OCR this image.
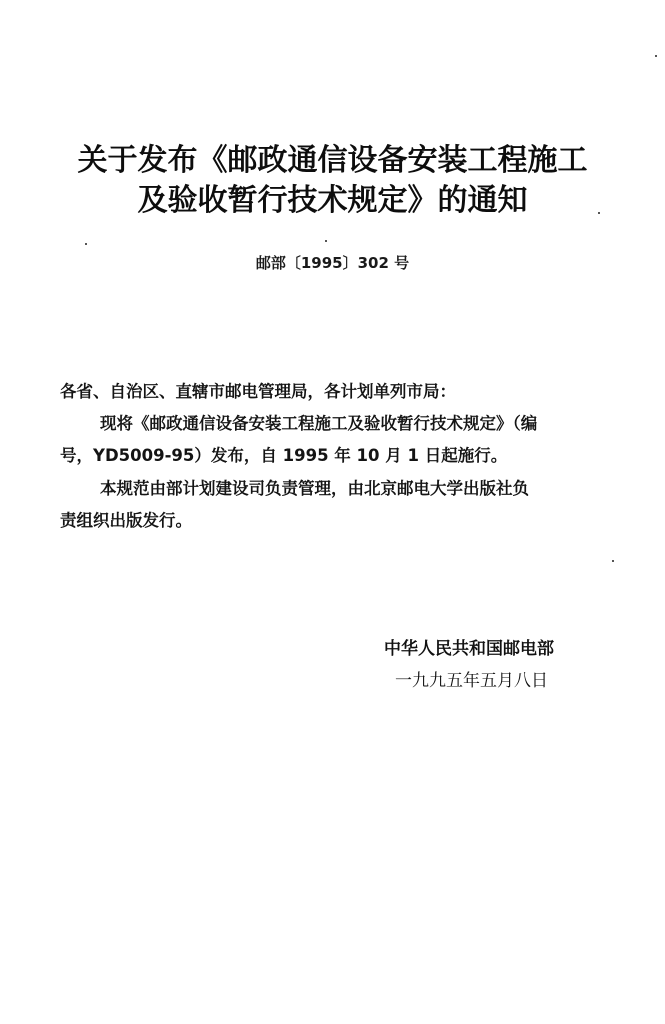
关于发布《邮政通信设备安装工程施工
及验收暂行技术规定》的通知
邮部〔1995〕302 号
各省、自治区、直辖市邮电管理局，各计划单列市局：
现将《邮政通信设备安装工程施工及验收暂行技术规定》（编
号，YD5009-95）发布，自 1995 年 10 月 1 日起施行。
本规范由部计划建设司负责管理，由北京邮电大学出版社负
责组织出版发行。
中华人民共和国邮电部
一九九五年五月八日
